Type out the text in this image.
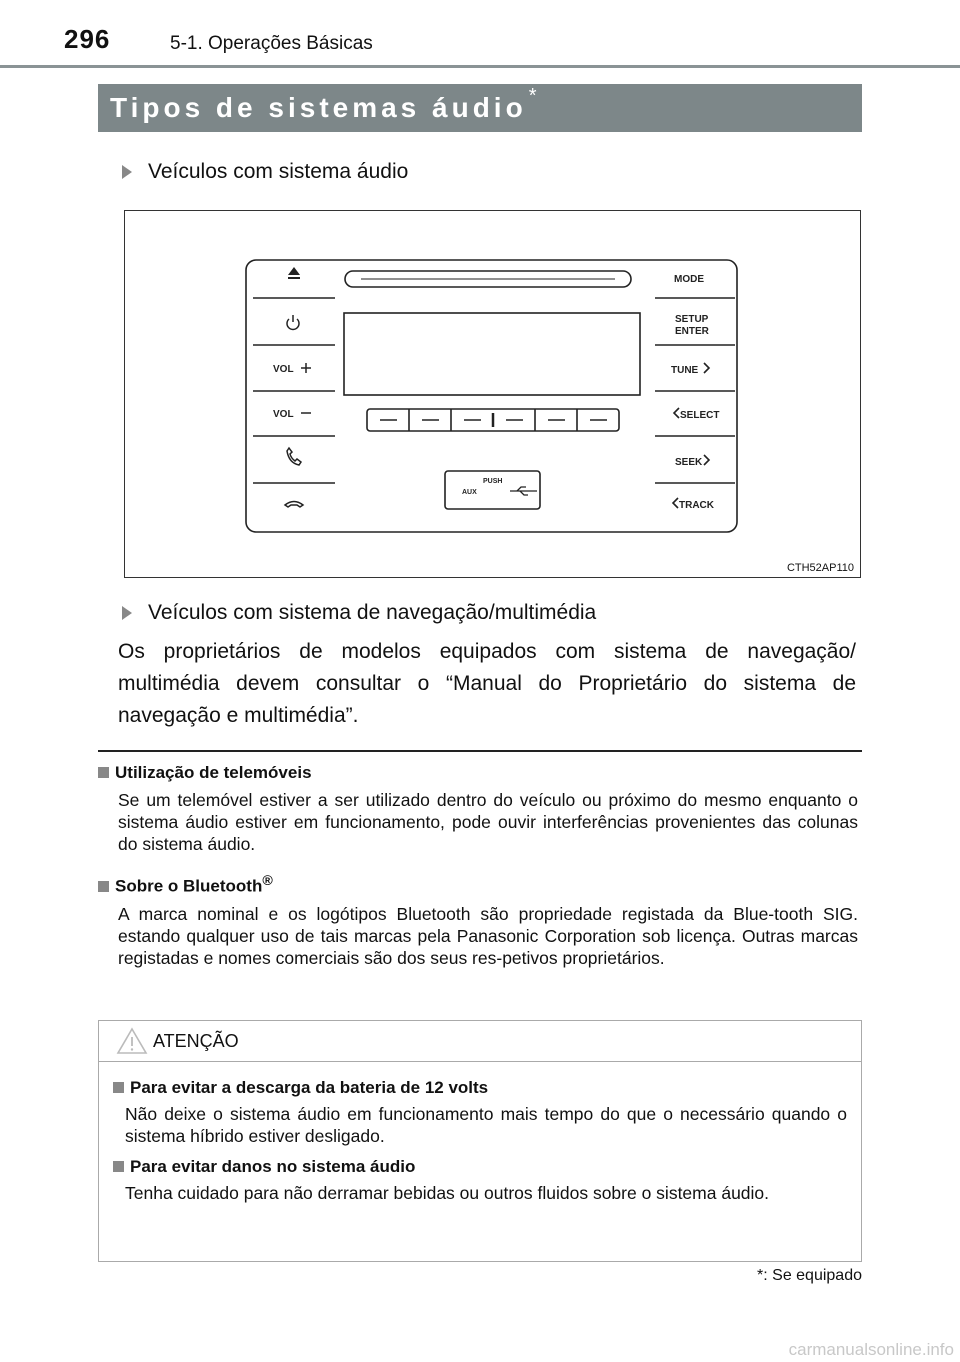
296	5-1. Operações Básicas
Tipos de sistemas áudio *
Veículos com sistema áudio
VOL
VOL
MODE
SETUP
ENTER
TUNE
SELECT
SEEK
TRACK
PUSH
AUX
CTH52AP110
Veículos com sistema de navegação/multimédia
Os proprietários de modelos equipados com sistema de navegação/ multimédia devem consultar o “Manual do Proprietário do sistema de navegação e multimédia”.
Utilização de telemóveis
Se um telemóvel estiver a ser utilizado dentro do veículo ou próximo do mesmo enquanto o sistema áudio estiver em funcionamento, pode ouvir interferências provenientes das colunas do sistema áudio.
Sobre o Bluetooth®
A marca nominal e os logótipos Bluetooth são propriedade registada da Blue-tooth SIG. estando qualquer uso de tais marcas pela Panasonic Corporation sob licença. Outras marcas registadas e nomes comerciais são dos seus res-petivos proprietários.
ATENÇÃO
Para evitar a descarga da bateria de 12 volts
Não deixe o sistema áudio em funcionamento mais tempo do que o necessário quando o sistema híbrido estiver desligado.
Para evitar danos no sistema áudio
Tenha cuidado para não derramar bebidas ou outros fluidos sobre o sistema áudio.
*: Se equipado
carmanualsonline.info
